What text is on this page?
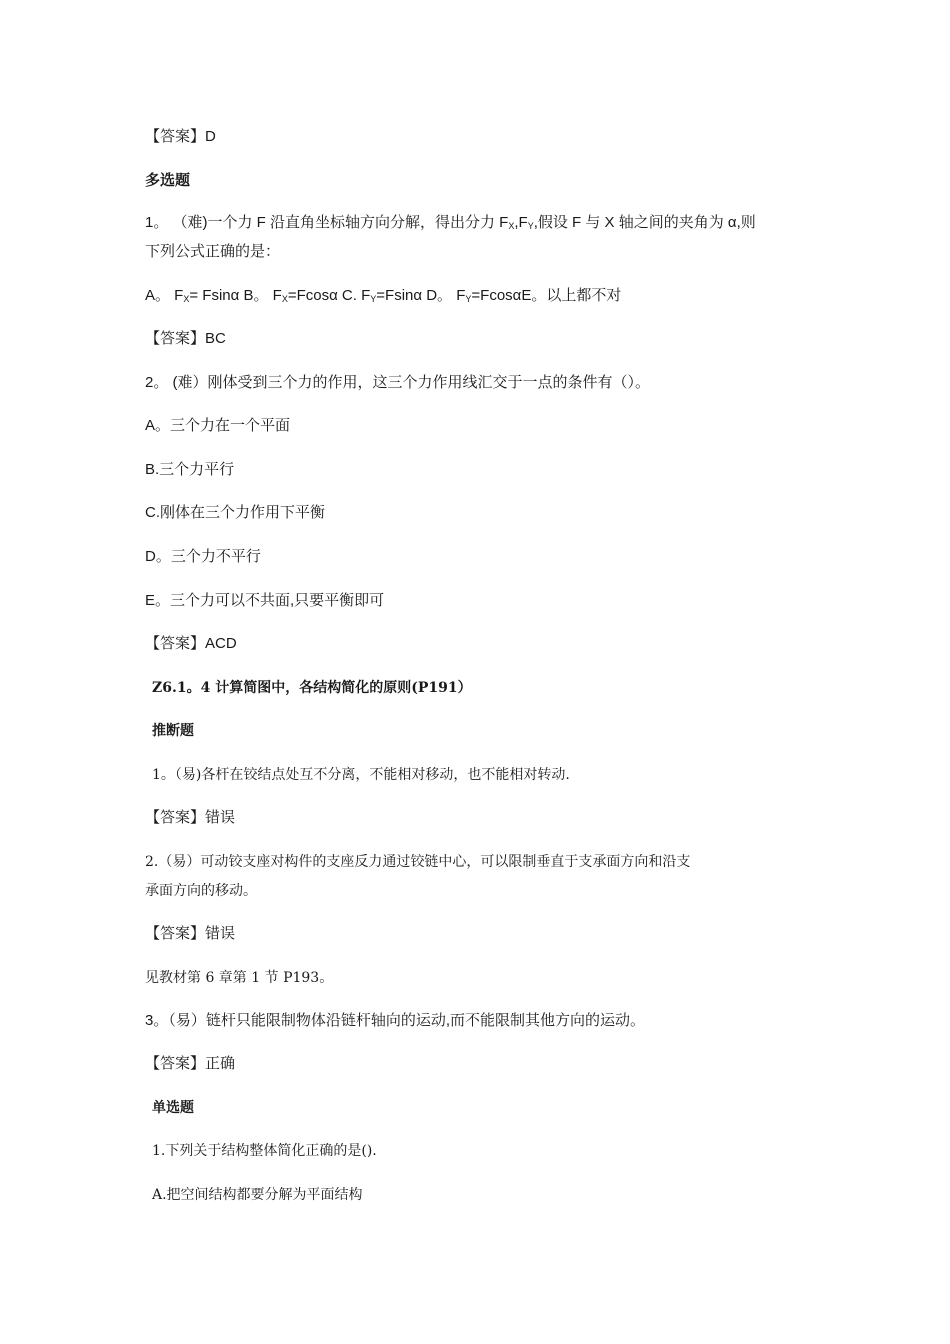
【答案】D
多选题
1。 （难)一个力 F 沿直角坐标轴方向分解，得出分力 $F_X,F_Y$,假设 F 与 X 轴之间的夹角为 α,则
下列公式正确的是：
A。 $F_X= Fsin\alpha$ B。 $F_X=Fcos\alpha$ C. $F_Y=Fsin\alpha$ D。 $F_Y=Fcos\alpha E$。以上都不对
【答案】BC
2。 (难）刚体受到三个力的作用，这三个力作用线汇交于一点的条件有（）。
A。三个力在一个平面
B.三个力平行
C.刚体在三个力作用下平衡
D。三个力不平行
E。三个力可以不共面,只要平衡即可
【答案】ACD
Z6.1。4 计算简图中，各结构简化的原则(P191）
推断题
1。（易)各杆在铰结点处互不分离，不能相对移动，也不能相对转动.
【答案】错误
2.（易）可动铰支座对构件的支座反力通过铰链中心，可以限制垂直于支承面方向和沿支
承面方向的移动。
【答案】错误
见教材第 6 章第 1 节 P193。
3。（易）链杆只能限制物体沿链杆轴向的运动,而不能限制其他方向的运动。
【答案】正确
单选题
1.下列关于结构整体简化正确的是().
A.把空间结构都要分解为平面结构
